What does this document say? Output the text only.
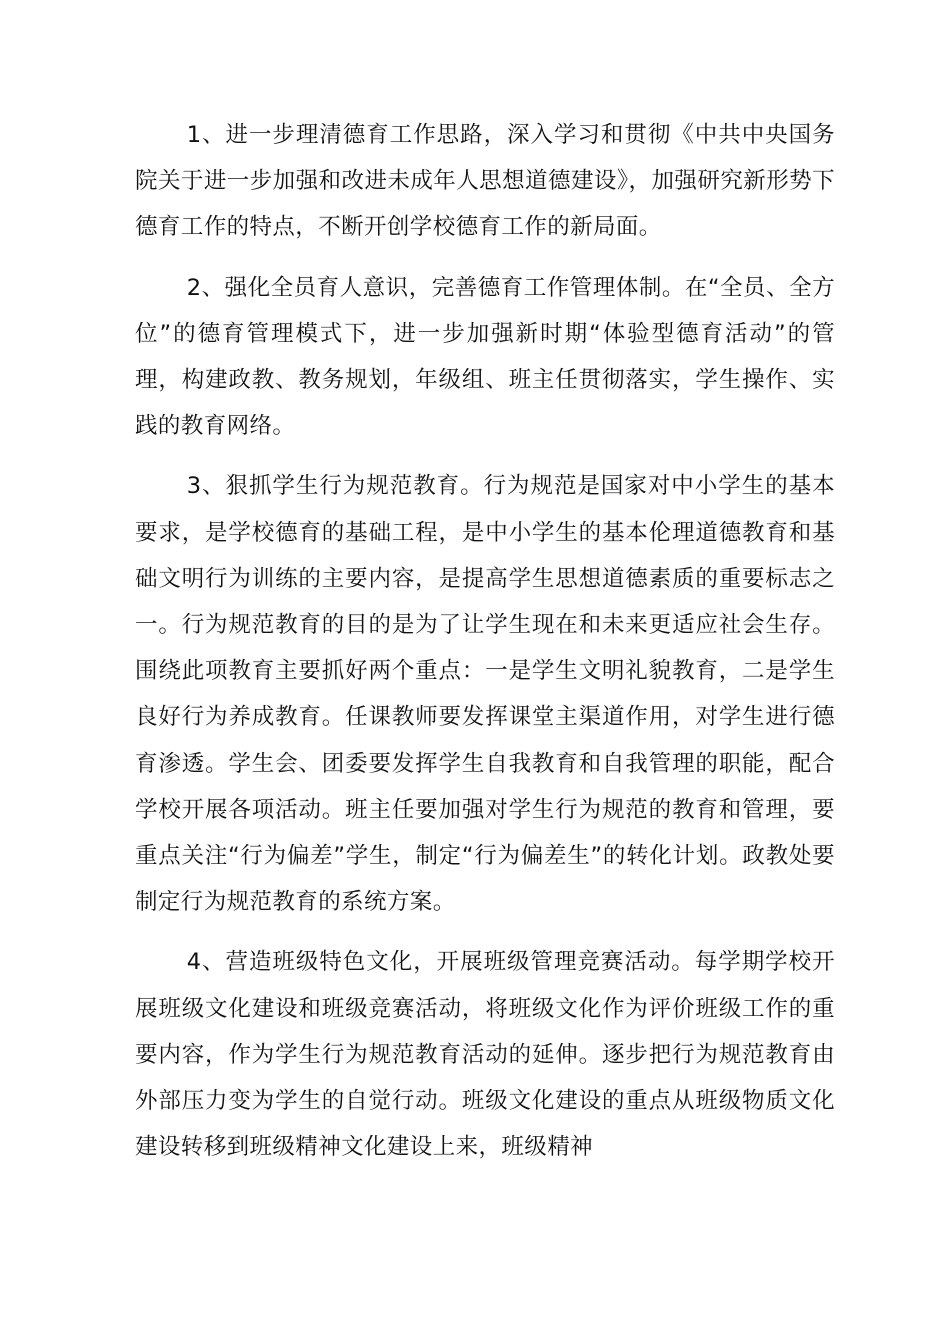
1、进一步理清德育工作思路，深入学习和贯彻《中共中央国务院关于进一步加强和改进未成年人思想道德建设》，加强研究新形势下德育工作的特点，不断开创学校德育工作的新局面。

2、强化全员育人意识，完善德育工作管理体制。在“全员、全方位”的德育管理模式下，进一步加强新时期“体验型德育活动”的管理，构建政教、教务规划，年级组、班主任贯彻落实，学生操作、实践的教育网络。

3、狠抓学生行为规范教育。行为规范是国家对中小学生的基本要求，是学校德育的基础工程，是中小学生的基本伦理道德教育和基础文明行为训练的主要内容，是提高学生思想道德素质的重要标志之一。行为规范教育的目的是为了让学生现在和未来更适应社会生存。围绕此项教育主要抓好两个重点：一是学生文明礼貌教育，二是学生良好行为养成教育。任课教师要发挥课堂主渠道作用，对学生进行德育渗透。学生会、团委要发挥学生自我教育和自我管理的职能，配合学校开展各项活动。班主任要加强对学生行为规范的教育和管理，要重点关注“行为偏差”学生，制定“行为偏差生”的转化计划。政教处要制定行为规范教育的系统方案。

4、营造班级特色文化，开展班级管理竞赛活动。每学期学校开展班级文化建设和班级竞赛活动，将班级文化作为评价班级工作的重要内容，作为学生行为规范教育活动的延伸。逐步把行为规范教育由外部压力变为学生的自觉行动。班级文化建设的重点从班级物质文化建设转移到班级精神文化建设上来，班级精神
